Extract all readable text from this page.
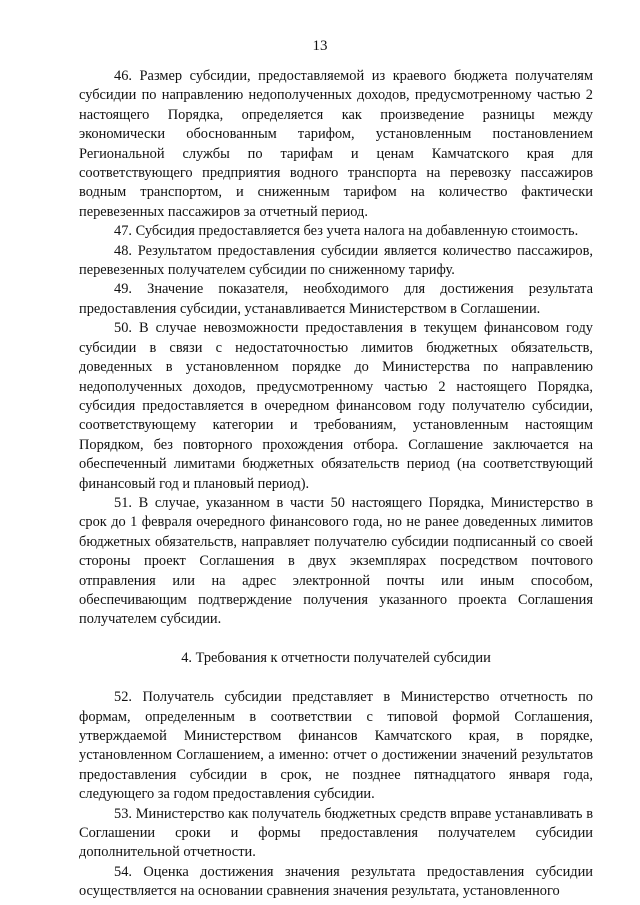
13

46. Размер субсидии, предоставляемой из краевого бюджета получателям субсидии по направлению недополученных доходов, предусмотренному частью 2 настоящего Порядка, определяется как произведение разницы между экономически обоснованным тарифом, установленным постановлением Региональной службы по тарифам и ценам Камчатского края для соответствующего предприятия водного транспорта на перевозку пассажиров водным транспортом, и сниженным тарифом на количество фактически перевезенных пассажиров за отчетный период.

47. Субсидия предоставляется без учета налога на добавленную стоимость.

48. Результатом предоставления субсидии является количество пассажиров, перевезенных получателем субсидии по сниженному тарифу.

49. Значение показателя, необходимого для достижения результата предоставления субсидии, устанавливается Министерством в Соглашении.

50. В случае невозможности предоставления в текущем финансовом году субсидии в связи с недостаточностью лимитов бюджетных обязательств, доведенных в установленном порядке до Министерства по направлению недополученных доходов, предусмотренному частью 2 настоящего Порядка, субсидия предоставляется в очередном финансовом году получателю субсидии, соответствующему категории и требованиям, установленным настоящим Порядком, без повторного прохождения отбора. Соглашение заключается на обеспеченный лимитами бюджетных обязательств период (на соответствующий финансовый год и плановый период).

51. В случае, указанном в части 50 настоящего Порядка, Министерство в срок до 1 февраля очередного финансового года, но не ранее доведенных лимитов бюджетных обязательств, направляет получателю субсидии подписанный со своей стороны проект Соглашения в двух экземплярах посредством почтового отправления или на адрес электронной почты или иным способом, обеспечивающим подтверждение получения указанного проекта Соглашения получателем субсидии.

4. Требования к отчетности получателей субсидии

52. Получатель субсидии представляет в Министерство отчетность по формам, определенным в соответствии с типовой формой Соглашения, утверждаемой Министерством финансов Камчатского края, в порядке, установленном Соглашением, а именно: отчет о достижении значений результатов предоставления субсидии в срок, не позднее пятнадцатого января года, следующего за годом предоставления субсидии.

53. Министерство как получатель бюджетных средств вправе устанавливать в Соглашении сроки и формы предоставления получателем субсидии дополнительной отчетности.

54. Оценка достижения значения результата предоставления субсидии осуществляется на основании сравнения значения результата, установленного
